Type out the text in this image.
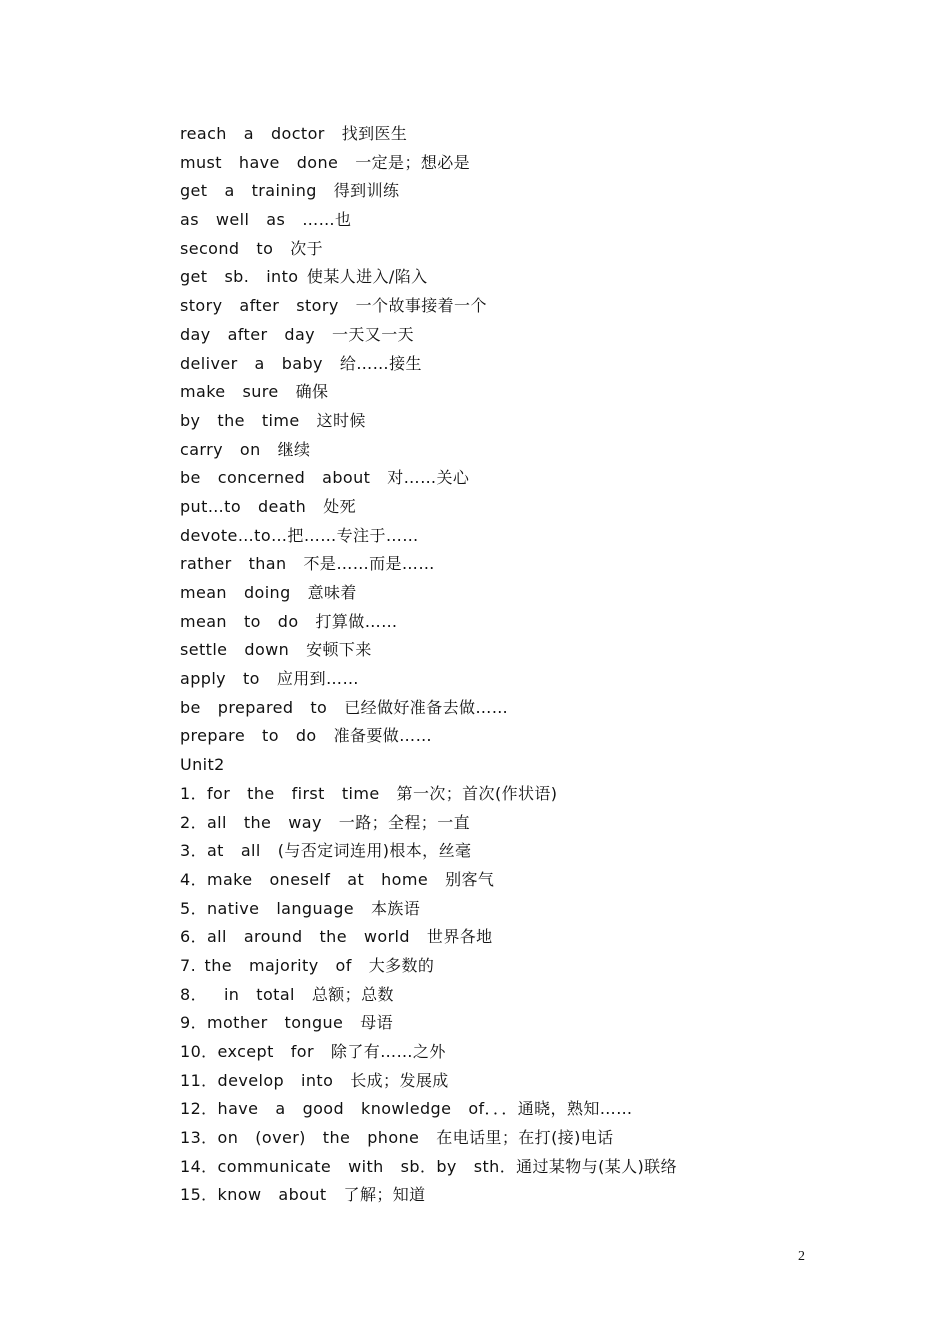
reach  a  doctor  找到医生
must  have  done  一定是；想必是
get  a  training  得到训练
as  well  as  ……也
second  to  次于
get  sb.  into 使某人进入/陷入
story  after  story  一个故事接着一个
day  after  day  一天又一天
deliver  a  baby  给……接生
make  sure  确保
by  the  time  这时候
carry  on  继续
be  concerned  about  对……关心
put…to  death  处死
devote…to…把……专注于……
rather  than  不是……而是……
mean  doing  意味着
mean  to  do  打算做……
settle  down  安顿下来
apply  to  应用到……
be  prepared  to  已经做好准备去做……
prepare  to  do  准备要做……
Unit2
1．for  the  first  time  第一次；首次(作状语)
2．all  the  way  一路；全程；一直
3．at  all  (与否定词连用)根本，丝毫
4．make  oneself  at  home  别客气
5．native  language  本族语
6．all  around  the  world  世界各地
7. the  majority  of  大多数的
8．  in  total  总额；总数
9．mother  tongue  母语
10．except  for  除了有……之外
11．develop  into  长成；发展成
12．have  a  good  knowledge  of．．．通晓，熟知……
13．on  (over)  the  phone  在电话里；在打(接)电话
14．communicate  with  sb．by  sth．通过某物与(某人)联络
15．know  about  了解；知道
2
